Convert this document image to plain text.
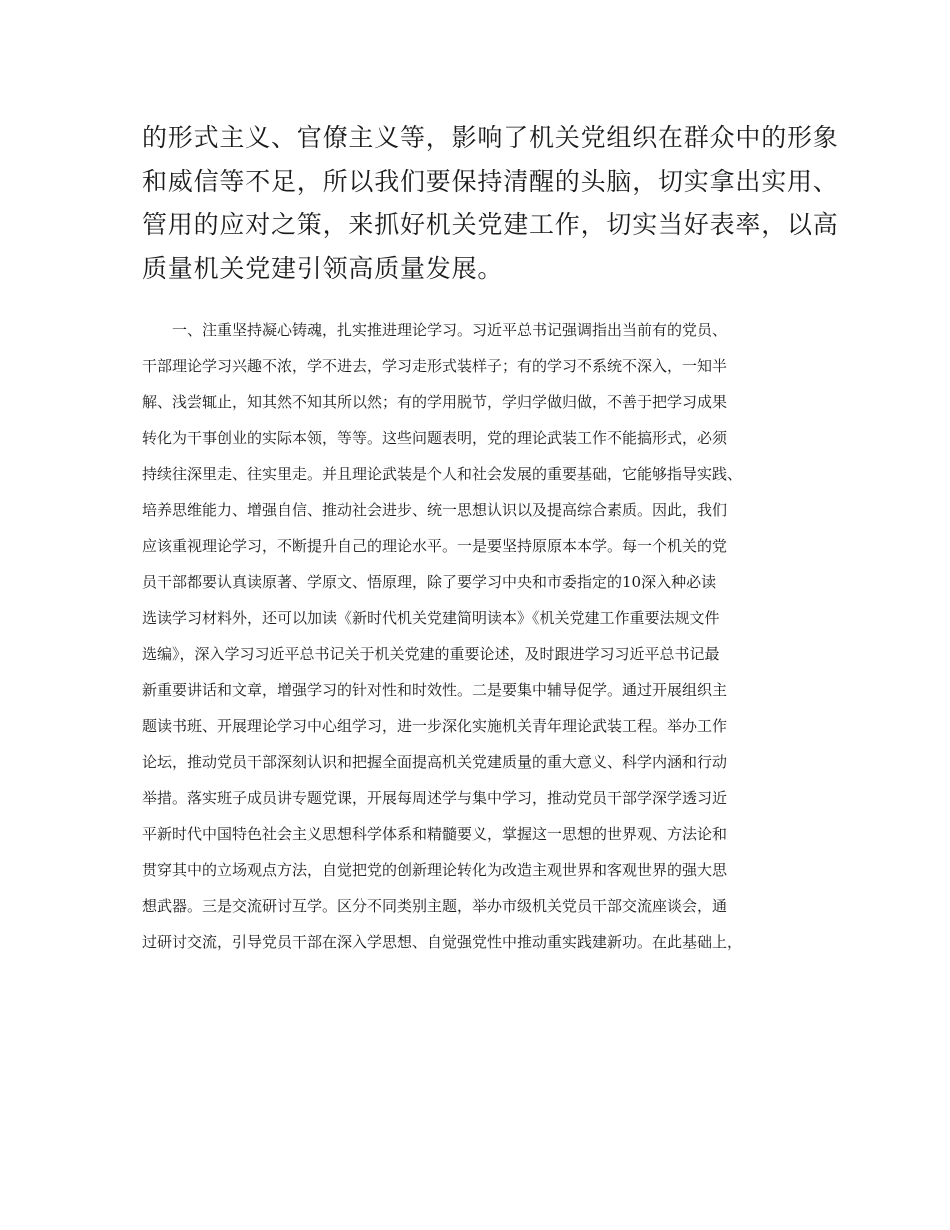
的形式主义、官僚主义等，影响了机关党组织在群众中的形象
和威信等不足，所以我们要保持清醒的头脑，切实拿出实用、
管用的应对之策，来抓好机关党建工作，切实当好表率，以高
质量机关党建引领高质量发展。
一、注重坚持凝心铸魂，扎实推进理论学习。习近平总书记强调指出当前有的党员、
干部理论学习兴趣不浓，学不进去，学习走形式装样子；有的学习不系统不深入，一知半
解、浅尝辄止，知其然不知其所以然；有的学用脱节，学归学做归做，不善于把学习成果
转化为干事创业的实际本领，等等。这些问题表明，党的理论武装工作不能搞形式，必须
持续往深里走、往实里走。并且理论武装是个人和社会发展的重要基础，它能够指导实践、
培养思维能力、增强自信、推动社会进步、统一思想认识以及提高综合素质。因此，我们
应该重视理论学习，不断提升自己的理论水平。一是要坚持原原本本学。每一个机关的党
员干部都要认真读原著、学原文、悟原理，除了要学习中央和市委指定的10深入种必读
选读学习材料外，还可以加读《新时代机关党建简明读本》《机关党建工作重要法规文件
选编》，深入学习习近平总书记关于机关党建的重要论述，及时跟进学习习近平总书记最
新重要讲话和文章，增强学习的针对性和时效性。二是要集中辅导促学。通过开展组织主
题读书班、开展理论学习中心组学习，进一步深化实施机关青年理论武装工程。举办工作
论坛，推动党员干部深刻认识和把握全面提高机关党建质量的重大意义、科学内涵和行动
举措。落实班子成员讲专题党课，开展每周述学与集中学习，推动党员干部学深学透习近
平新时代中国特色社会主义思想科学体系和精髓要义，掌握这一思想的世界观、方法论和
贯穿其中的立场观点方法，自觉把党的创新理论转化为改造主观世界和客观世界的强大思
想武器。三是交流研讨互学。区分不同类别主题，举办市级机关党员干部交流座谈会，通
过研讨交流，引导党员干部在深入学思想、自觉强党性中推动重实践建新功。在此基础上，
